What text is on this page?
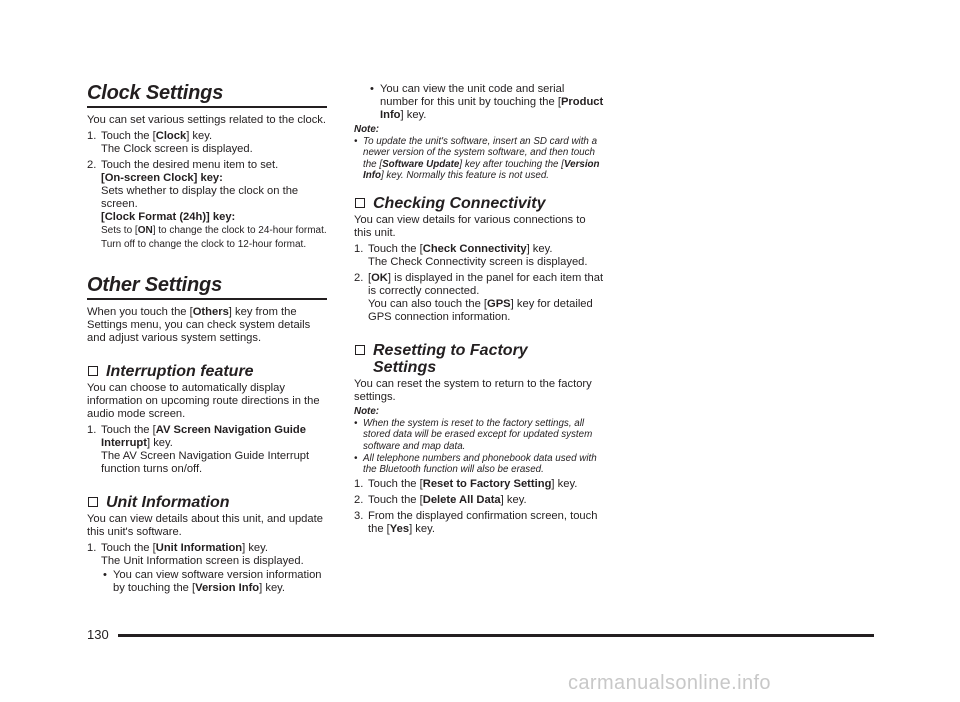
Clock Settings

You can set various settings related to the clock.

1. Touch the [Clock] key.

The Clock screen is displayed.

2. Touch the desired menu item to set.

[On-screen Clock] key:

Sets whether to display the clock on the screen.

[Clock Format (24h)] key:

Sets to [ON] to change the clock to 24-hour format. Turn off to change the clock to 12-hour format.

Other Settings

When you touch the [Others] key from the Settings menu, you can check system details and adjust various system settings.

Interruption feature

You can choose to automatically display information on upcoming route directions in the audio mode screen.

1. Touch the [AV Screen Navigation Guide Interrupt] key.

The AV Screen Navigation Guide Interrupt function turns on/off.

Unit Information

You can view details about this unit, and update this unit's software.

1. Touch the [Unit Information] key.

The Unit Information screen is displayed.

• You can view software version information by touching the [Version Info] key.
• You can view the unit code and serial number for this unit by touching the [Product Info] key.

Note:

• To update the unit's software, insert an SD card with a newer version of the system software, and then touch the [Software Update] key after touching the [Version Info] key. Normally this feature is not used.
Checking Connectivity

You can view details for various connections to this unit.

1. Touch the [Check Connectivity] key.

The Check Connectivity screen is displayed.

2. [OK] is displayed in the panel for each item that is correctly connected.

You can also touch the [GPS] key for detailed GPS connection information.

Resetting to Factory
Settings

You can reset the system to return to the factory settings.

Note:

• When the system is reset to the factory settings, all stored data will be erased except for updated system software and map data.
• All telephone numbers and phonebook data used with the Bluetooth function will also be erased.
1. Touch the [Reset to Factory Setting] key.
2. Touch the [Delete All Data] key.
3. From the displayed confirmation screen, touch the [Yes] key.
130
carmanualsonline.info
